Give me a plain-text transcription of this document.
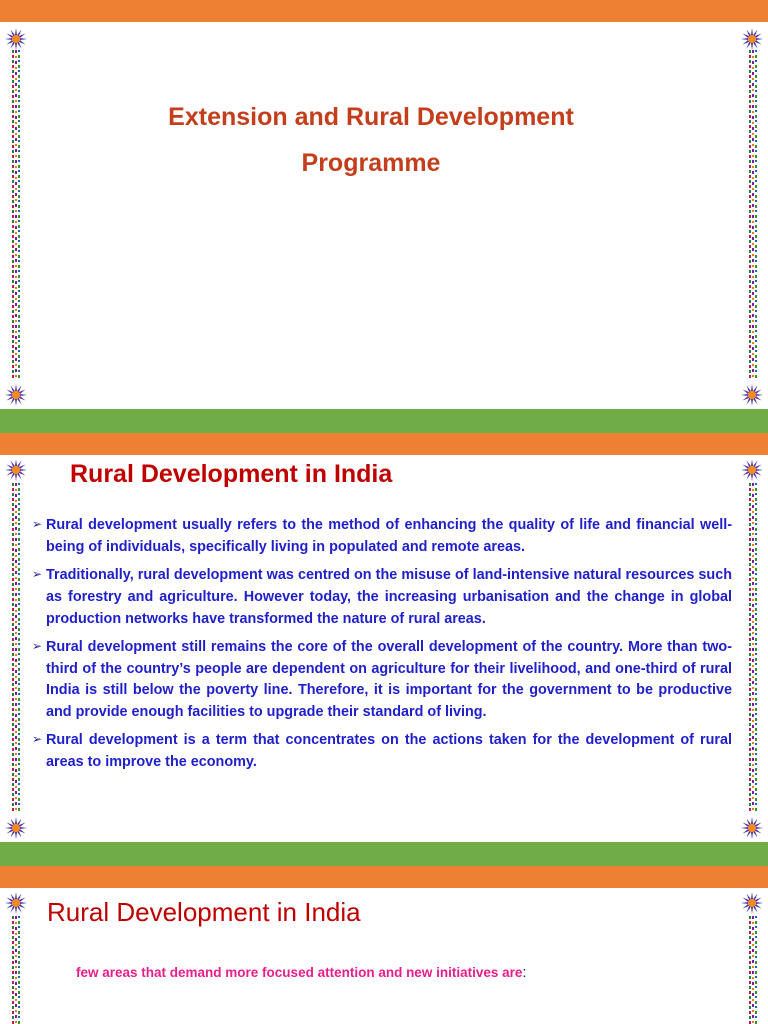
Extension and Rural Development
Programme
Rural Development in India
➢ Rural development usually refers to the method of enhancing the quality of life and financial well-being of individuals, specifically living in populated and remote areas.
➢ Traditionally, rural development was centred on the misuse of land-intensive natural resources such as forestry and agriculture. However today, the increasing urbanisation and the change in global production networks have transformed the nature of rural areas.
➢ Rural development still remains the core of the overall development of the country. More than two-third of the country’s people are dependent on agriculture for their livelihood, and one-third of rural India is still below the poverty line. Therefore, it is important for the government to be productive and provide enough facilities to upgrade their standard of living.
➢ Rural development is a term that concentrates on the actions taken for the development of rural areas to improve the economy.
Rural Development in India
few areas that demand more focused attention and new initiatives are:
